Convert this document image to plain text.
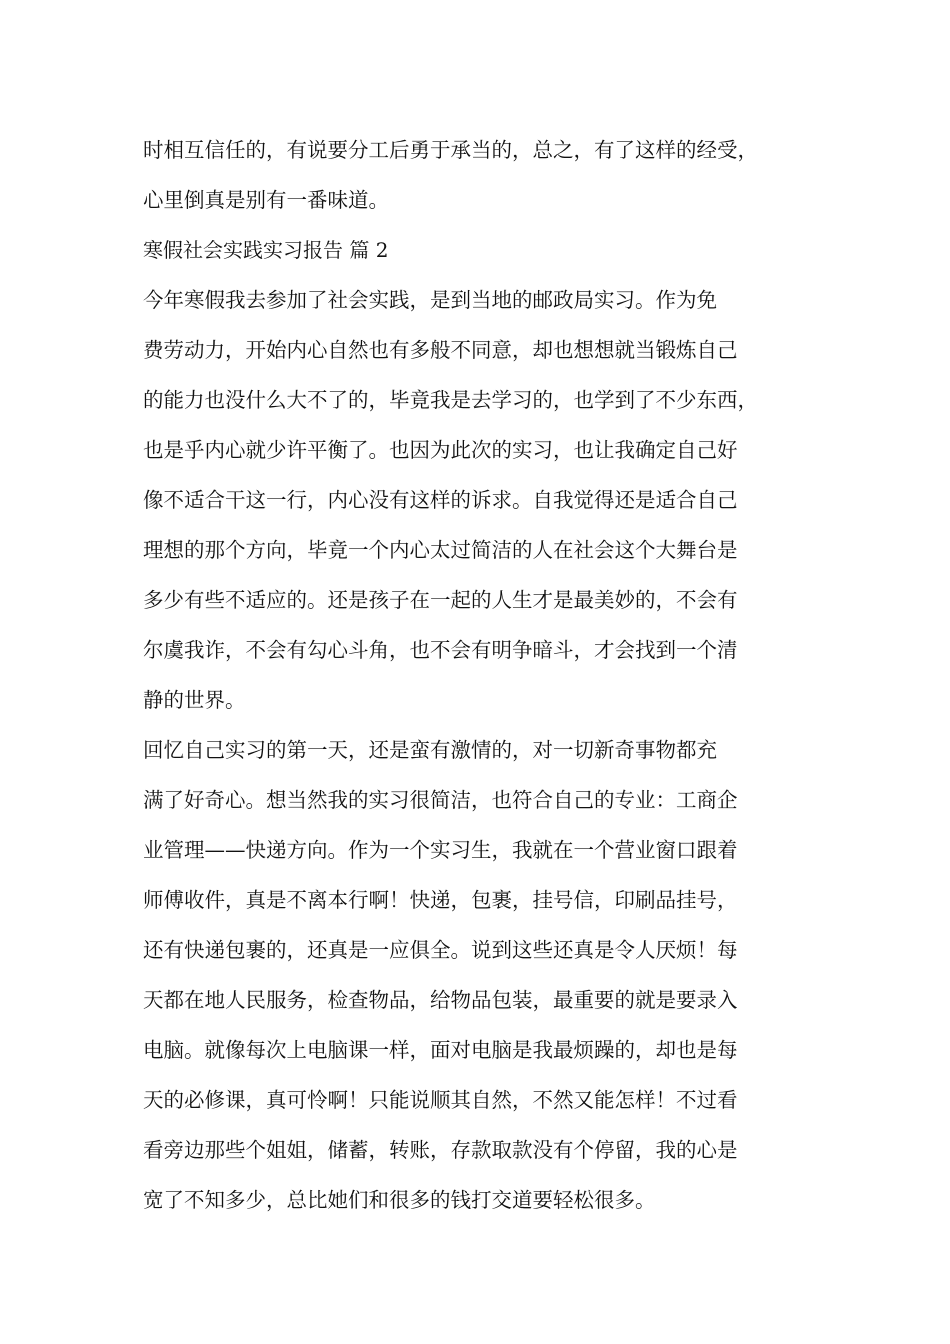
时相互信任的，有说要分工后勇于承当的，总之，有了这样的经受，
心里倒真是别有一番味道。
寒假社会实践实习报告 篇 2
今年寒假我去参加了社会实践，是到当地的邮政局实习。作为免
费劳动力，开始内心自然也有多般不同意，却也想想就当锻炼自己
的能力也没什么大不了的，毕竟我是去学习的，也学到了不少东西，
也是乎内心就少许平衡了。也因为此次的实习，也让我确定自己好
像不适合干这一行，内心没有这样的诉求。自我觉得还是适合自己
理想的那个方向，毕竟一个内心太过简洁的人在社会这个大舞台是
多少有些不适应的。还是孩子在一起的人生才是最美妙的，不会有
尔虞我诈，不会有勾心斗角，也不会有明争暗斗，才会找到一个清
静的世界。
回忆自己实习的第一天，还是蛮有激情的，对一切新奇事物都充
满了好奇心。想当然我的实习很简洁，也符合自己的专业：工商企
业管理——快递方向。作为一个实习生，我就在一个营业窗口跟着
师傅收件，真是不离本行啊！快递，包裹，挂号信，印刷品挂号，
还有快递包裹的，还真是一应俱全。说到这些还真是令人厌烦！每
天都在地人民服务，检查物品，给物品包装，最重要的就是要录入
电脑。就像每次上电脑课一样，面对电脑是我最烦躁的，却也是每
天的必修课，真可怜啊！只能说顺其自然，不然又能怎样！不过看
看旁边那些个姐姐，储蓄，转账，存款取款没有个停留，我的心是
宽了不知多少，总比她们和很多的钱打交道要轻松很多。
